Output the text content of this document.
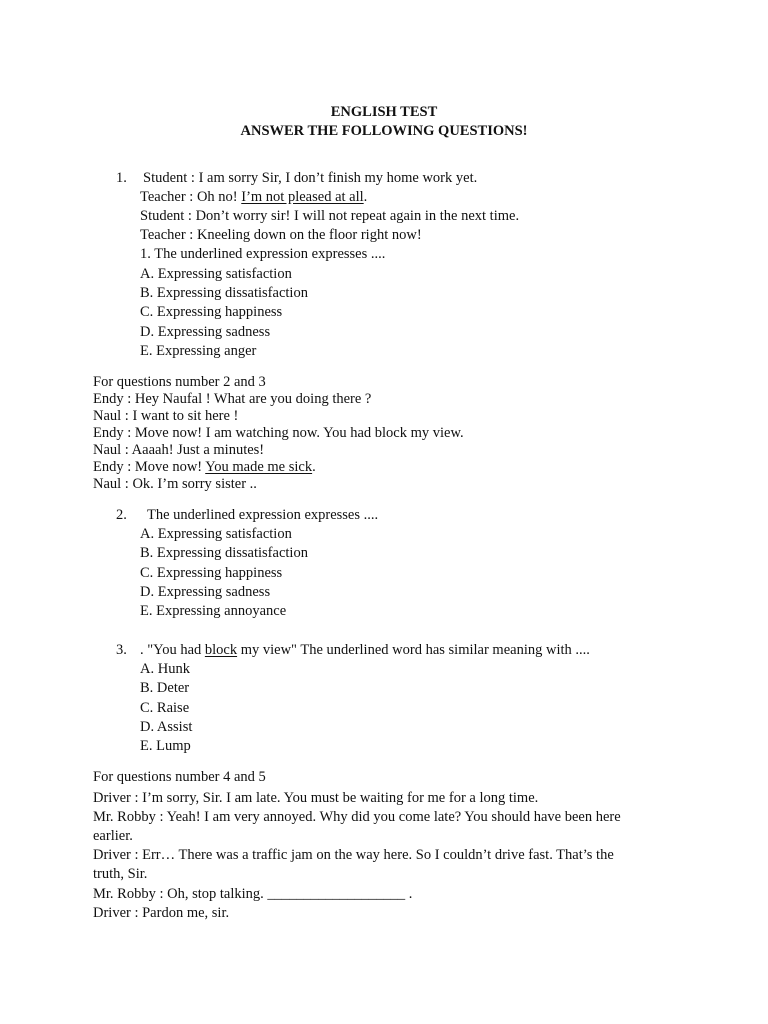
ENGLISH TEST
ANSWER THE FOLLOWING QUESTIONS!
1. Student : I am sorry Sir, I don’t finish my home work yet.
Teacher : Oh no! I’m not pleased at all.
Student : Don’t worry sir! I will not repeat again in the next time.
Teacher : Kneeling down on the floor right now!
1. The underlined expression expresses ....
A. Expressing satisfaction
B. Expressing dissatisfaction
C. Expressing happiness
D. Expressing sadness
E. Expressing anger
For questions number 2 and 3
Endy : Hey Naufal ! What are you doing there ?
Naul : I want to sit here !
Endy : Move now! I am watching now. You had block my view.
Naul : Aaaah! Just a minutes!
Endy : Move now! You made me sick.
Naul : Ok. I’m sorry sister ..
2. The underlined expression expresses ....
A. Expressing satisfaction
B. Expressing dissatisfaction
C. Expressing happiness
D. Expressing sadness
E. Expressing annoyance
3. . "You had block my view" The underlined word has similar meaning with ....
A. Hunk
B. Deter
C. Raise
D. Assist
E. Lump
For questions number 4 and 5
Driver : I’m sorry, Sir. I am late. You must be waiting for me for a long time.
Mr. Robby : Yeah! I am very annoyed. Why did you come late? You should have been here
earlier.
Driver : Err… There was a traffic jam on the way here. So I couldn’t drive fast. That’s the
truth, Sir.
Mr. Robby : Oh, stop talking. ___________________ .
Driver : Pardon me, sir.
